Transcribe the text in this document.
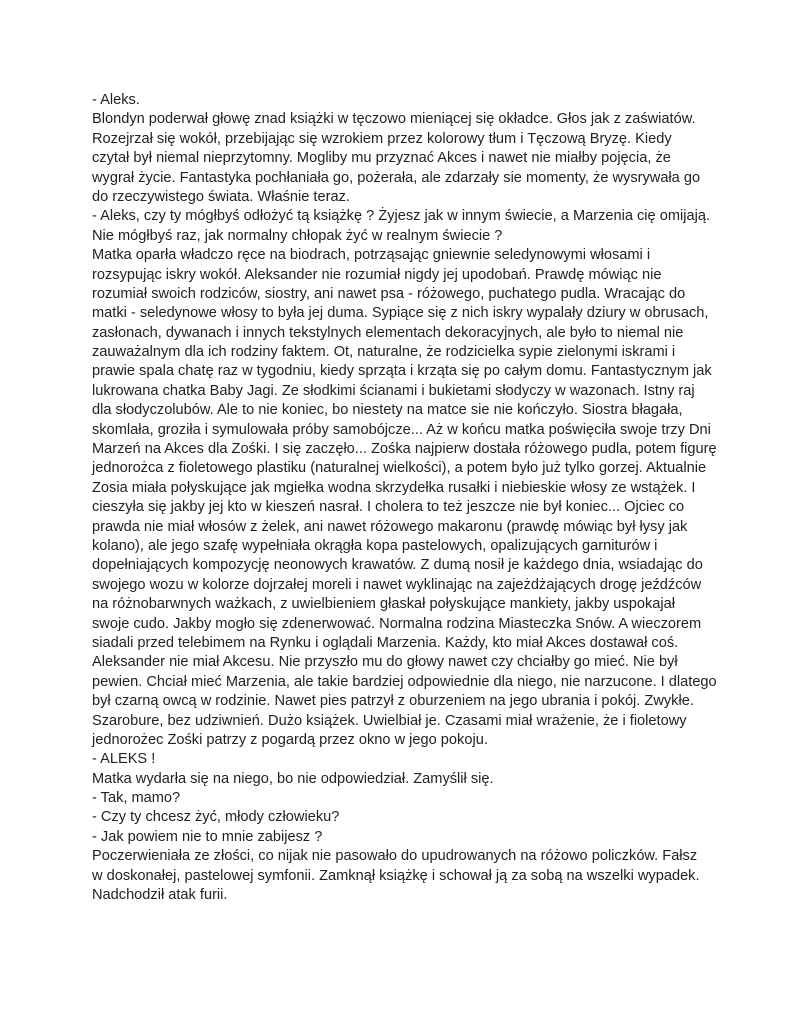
- Aleks.
Blondyn poderwał głowę znad książki w tęczowo mieniącej się okładce. Głos jak z zaświatów.
Rozejrzał się wokół, przebijając się wzrokiem przez kolorowy tłum i Tęczową Bryzę. Kiedy
czytał był niemal nieprzytomny. Mogliby mu przyznać Akces i nawet nie miałby pojęcia, że
wygrał życie. Fantastyka pochłaniała go, pożerała, ale zdarzały sie momenty, że wysrywała go
do rzeczywistego świata. Właśnie teraz.
- Aleks, czy ty mógłbyś odłożyć tą książkę ? Żyjesz jak w innym świecie, a Marzenia cię omijają.
Nie mógłbyś raz, jak normalny chłopak żyć w realnym świecie ?
Matka oparła władczo ręce na biodrach, potrząsając gniewnie seledynowymi włosami i
rozsypując iskry wokół. Aleksander nie rozumiał nigdy jej upodobań. Prawdę mówiąc nie
rozumiał swoich rodziców, siostry, ani nawet psa - różowego, puchatego pudla. Wracając do
matki - seledynowe włosy to była jej duma. Sypiące się z nich iskry wypalały dziury w obrusach,
zasłonach, dywanach i innych tekstylnych elementach dekoracyjnych, ale było to niemal nie
zauważalnym dla ich rodziny faktem. Ot, naturalne, że rodzicielka sypie zielonymi iskrami i
prawie spala chatę raz w tygodniu, kiedy sprząta i krząta się po całym domu. Fantastycznym jak
lukrowana chatka Baby Jagi. Ze słodkimi ścianami i bukietami słodyczy w wazonach. Istny raj
dla słodyczolubów. Ale to nie koniec, bo niestety na matce sie nie kończyło. Siostra błagała,
skomlała, groziła i symulowała próby samobójcze... Aż w końcu matka poświęciła swoje trzy Dni
Marzeń na Akces dla Zośki. I się zaczęło... Zośka najpierw dostała różowego pudla, potem figurę
jednorożca z fioletowego plastiku (naturalnej wielkości), a potem było już tylko gorzej. Aktualnie
Zosia miała połyskujące jak mgiełka wodna skrzydełka rusałki i niebieskie włosy ze wstążek. I
cieszyła się jakby jej kto w kieszeń nasrał. I cholera to też jeszcze nie był koniec... Ojciec co
prawda nie miał włosów z żelek, ani nawet różowego makaronu (prawdę mówiąc był łysy jak
kolano), ale jego szafę wypełniała okrągła kopa pastelowych, opalizujących garniturów i
dopełniających kompozycję neonowych krawatów. Z dumą nosił je każdego dnia, wsiadając do
swojego wozu w kolorze dojrzałej moreli i nawet wyklinając na zajeżdżających drogę jeźdźców
na różnobarwnych ważkach, z uwielbieniem głaskał połyskujące mankiety, jakby uspokajał
swoje cudo. Jakby mogło się zdenerwować. Normalna rodzina Miasteczka Snów. A wieczorem
siadali przed telebimem na Rynku i oglądali Marzenia. Każdy, kto miał Akces dostawał coś.
Aleksander nie miał Akcesu. Nie przyszło mu do głowy nawet czy chciałby go mieć. Nie był
pewien. Chciał mieć Marzenia, ale takie bardziej odpowiednie dla niego, nie narzucone. I dlatego
był czarną owcą w rodzinie. Nawet pies patrzył z oburzeniem na jego ubrania i pokój. Zwykłe.
Szarobure, bez udziwnień. Dużo książek. Uwielbiał je. Czasami miał wrażenie, że i fioletowy
jednorożec Zośki patrzy z pogardą przez okno w jego pokoju.
- ALEKS !
Matka wydarła się na niego, bo nie odpowiedział. Zamyślił się.
- Tak, mamo?
- Czy ty chcesz żyć, młody człowieku?
- Jak powiem nie to mnie zabijesz ?
Poczerwieniała ze złości, co nijak nie pasowało do upudrowanych na różowo policzków. Fałsz
w doskonałej, pastelowej symfonii. Zamknął książkę i schował ją za sobą na wszelki wypadek.
Nadchodził atak furii.
